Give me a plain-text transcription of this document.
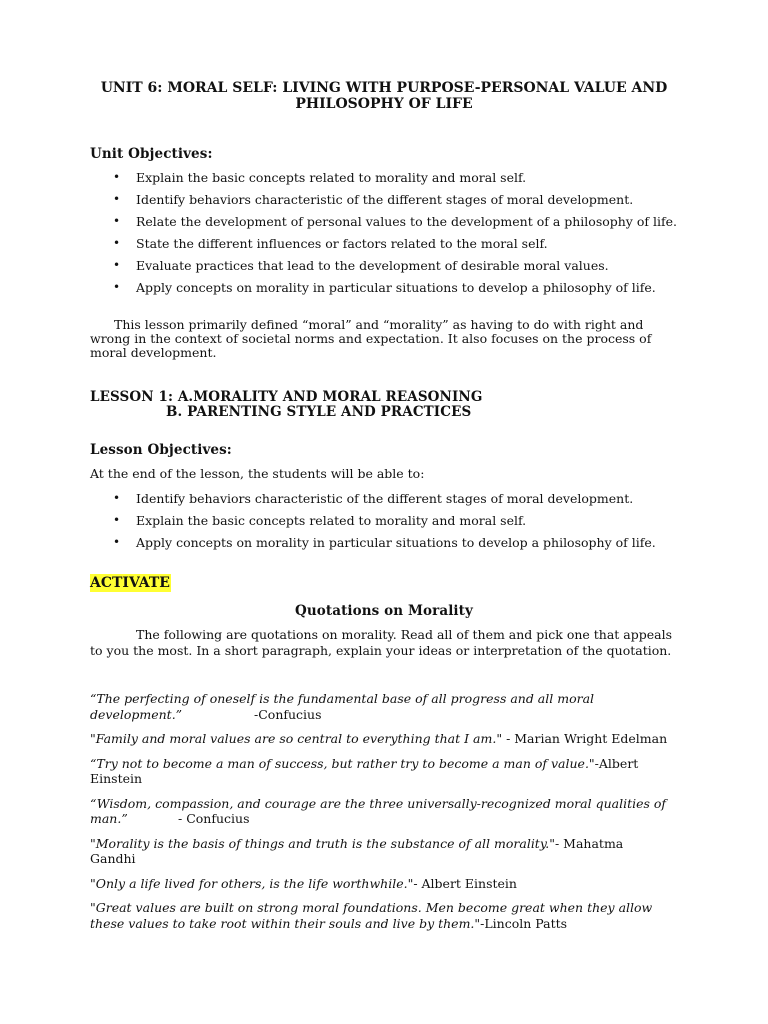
UNIT 6: MORAL SELF: LIVING WITH PURPOSE-PERSONAL VALUE AND
PHILOSOPHY OF LIFE
Unit Objectives:
• Explain the basic concepts related to morality and moral self.
• Identify behaviors characteristic of the different stages of moral development.
• Relate the development of personal values to the development of a philosophy of life.
• State the different influences or factors related to the moral self.
• Evaluate practices that lead to the development of desirable moral values.
• Apply concepts on morality in particular situations to develop a philosophy of life.
This lesson primarily defined “moral” and “morality” as having to do with right and
wrong in the context of societal norms and expectation. It also focuses on the process of
moral development.
LESSON 1: A.MORALITY AND MORAL REASONING
B. PARENTING STYLE AND PRACTICES
Lesson Objectives:
At the end of the lesson, the students will be able to:
• Identify behaviors characteristic of the different stages of moral development.
• Explain the basic concepts related to morality and moral self.
• Apply concepts on morality in particular situations to develop a philosophy of life.
ACTIVATE
Quotations on Morality
The following are quotations on morality. Read all of them and pick one that appeals
to you the most. In a short paragraph, explain your ideas or interpretation of the quotation.
“The perfecting of oneself is the fundamental base of all progress and all moral
development.”	-Confucius
"Family and moral values are so central to everything that I am." - Marian Wright Edelman
“Try not to become a man of success, but rather try to become a man of value."-Albert
Einstein
“Wisdom, compassion, and courage are the three universally-recognized moral qualities of
man.”	- Confucius
"Morality is the basis of things and truth is the substance of all morality."- Mahatma
Gandhi
"Only a life lived for others, is the life worthwhile."- Albert Einstein
"Great values are built on strong moral foundations. Men become great when they allow
these values to take root within their souls and live by them."-Lincoln Patts
